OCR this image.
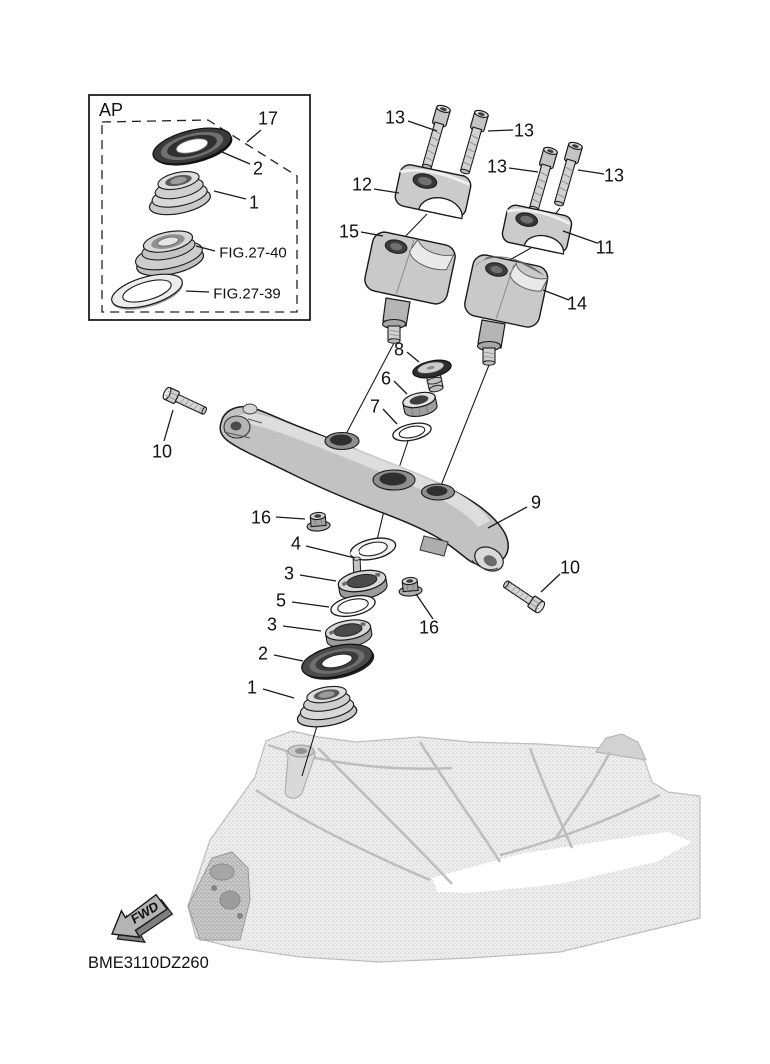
AP
FWD
BME3110DZ260
17
2
1
FIG.27-40
FIG.27-39
13
13
13	13
12
15
11
14
8
6
7
10
16
9
10
16
4
3
5
3
2
1
